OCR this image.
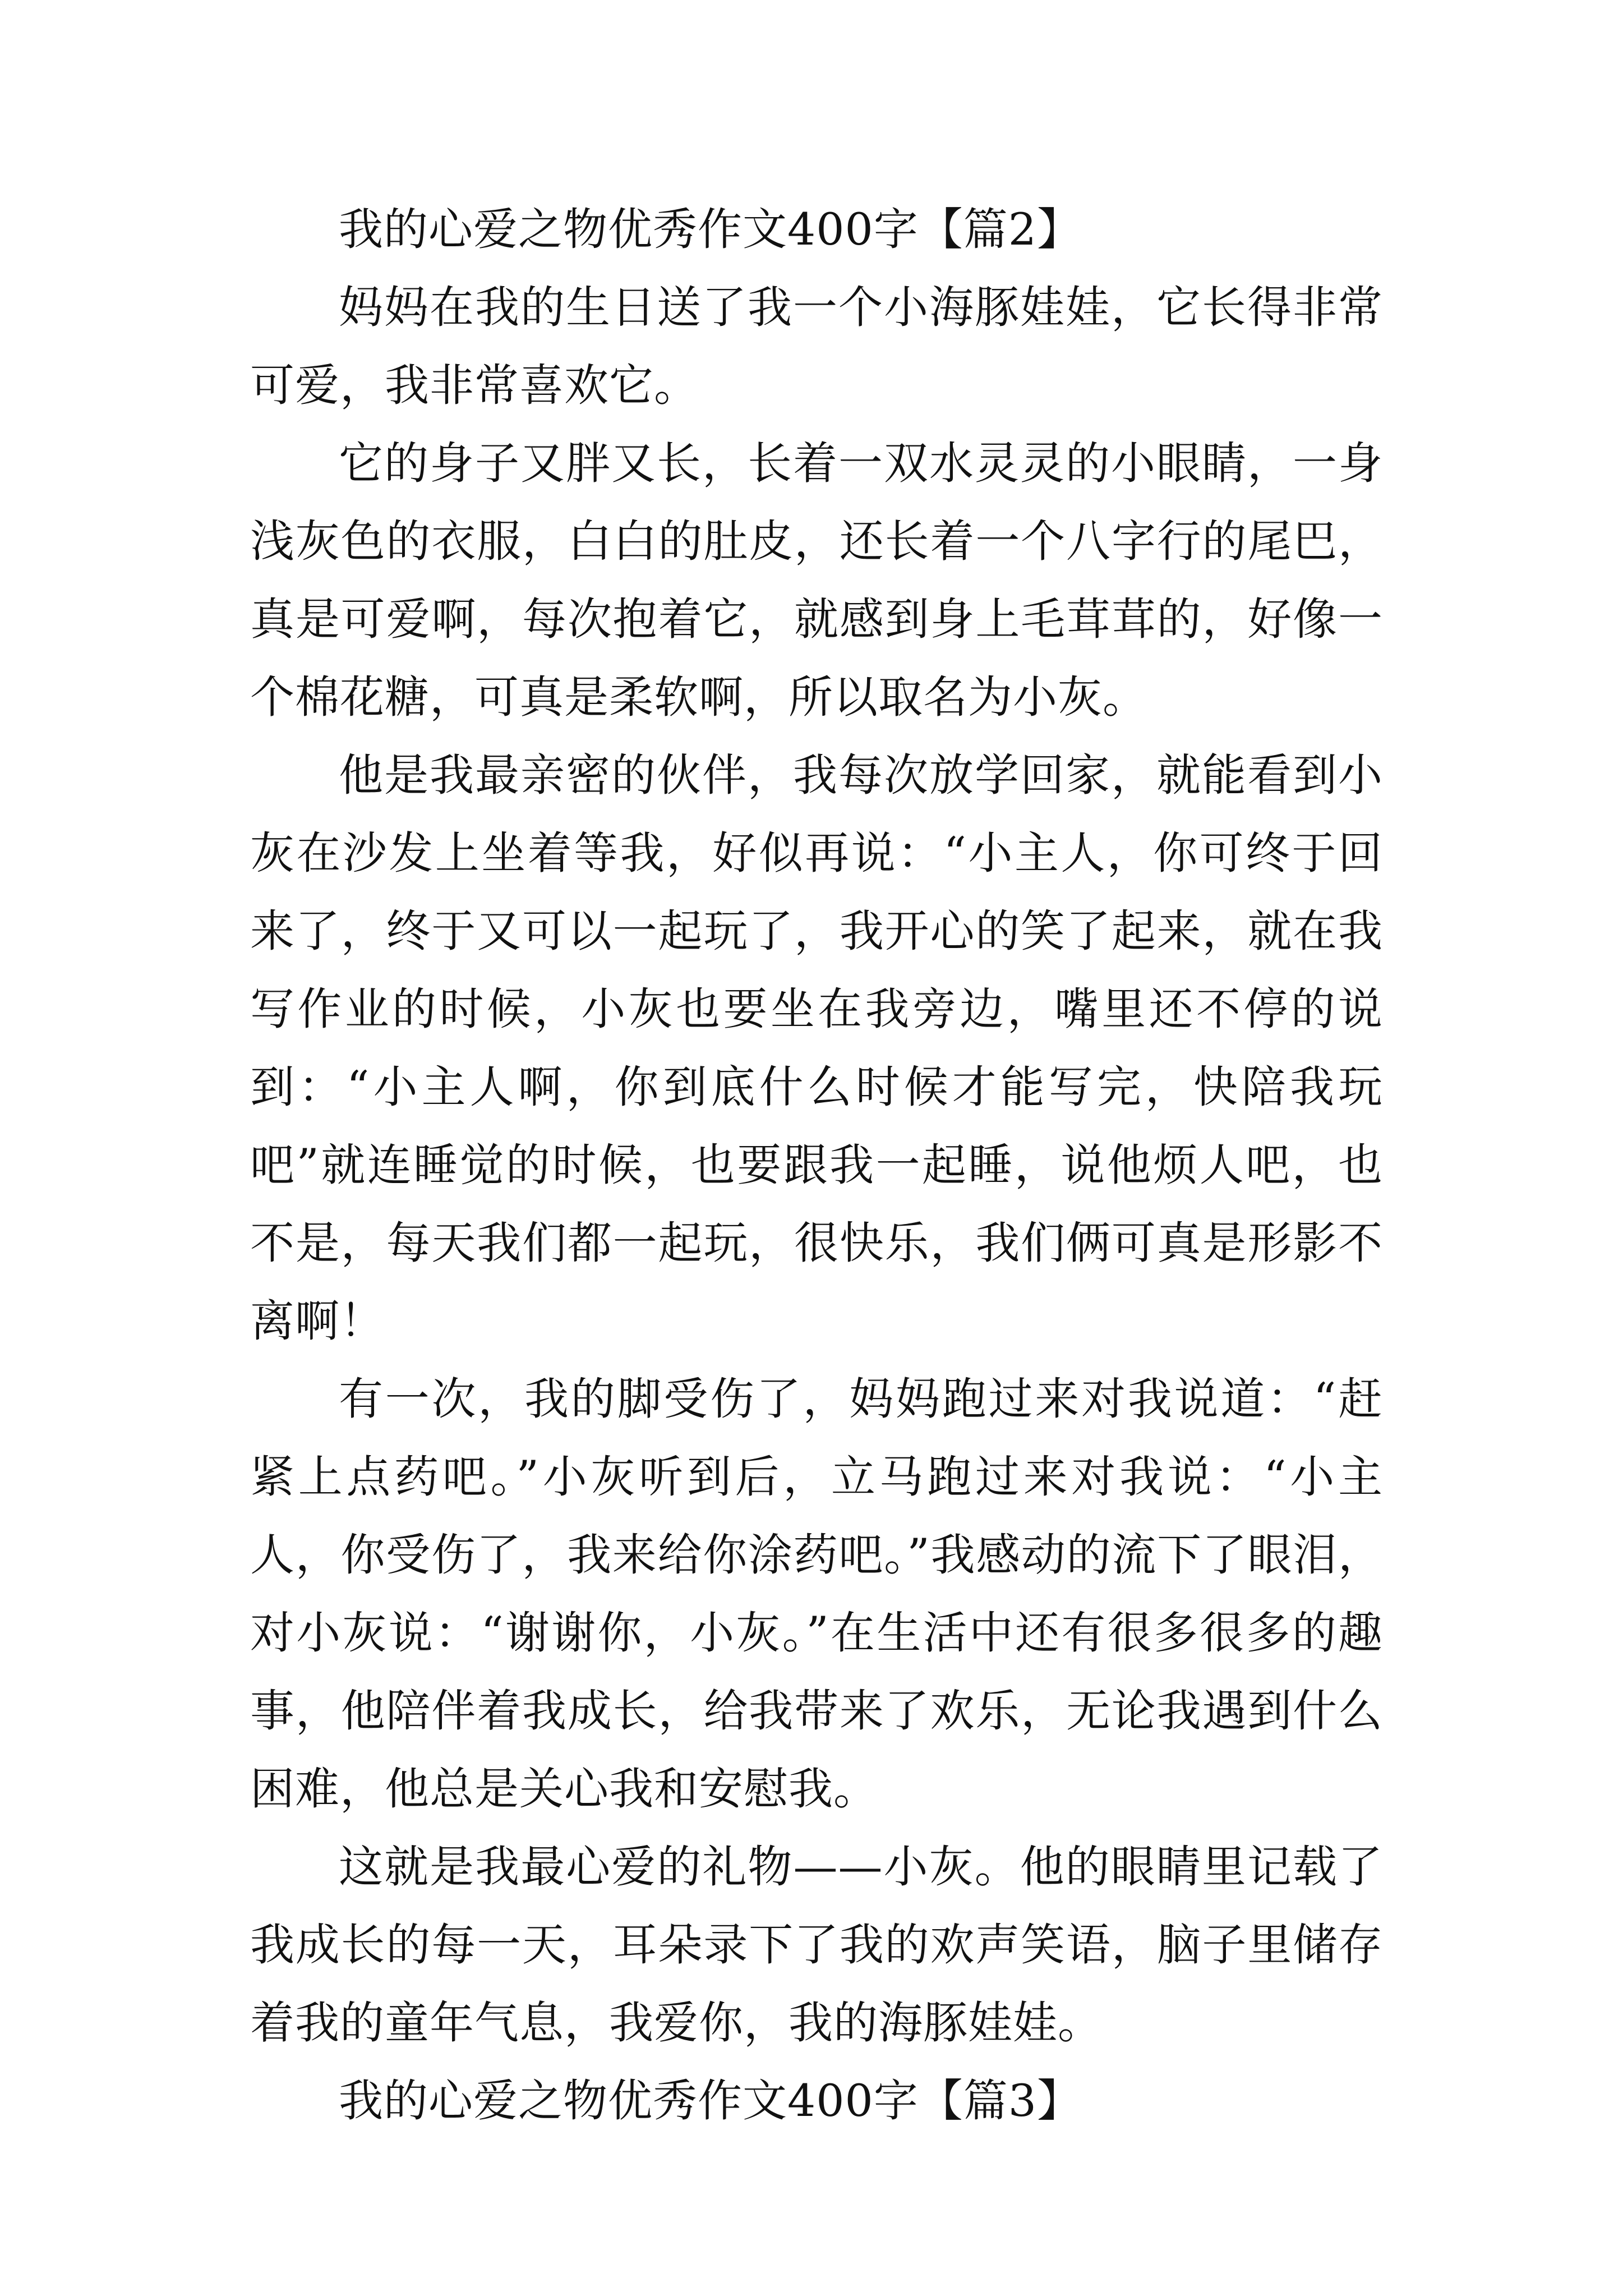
我的心爱之物优秀作文400字【篇2】

妈妈在我的生日送了我一个小海豚娃娃，它长得非常可爱，我非常喜欢它。

它的身子又胖又长，长着一双水灵灵的小眼睛，一身浅灰色的衣服，白白的肚皮，还长着一个八字行的尾巴，真是可爱啊，每次抱着它，就感到身上毛茸茸的，好像一个棉花糖，可真是柔软啊，所以取名为小灰。

他是我最亲密的伙伴，我每次放学回家，就能看到小灰在沙发上坐着等我，好似再说：“小主人，你可终于回来了，终于又可以一起玩了，我开心的笑了起来，就在我写作业的时候，小灰也要坐在我旁边，嘴里还不停的说到：“小主人啊，你到底什么时候才能写完，快陪我玩吧”就连睡觉的时候，也要跟我一起睡，说他烦人吧，也不是，每天我们都一起玩，很快乐，我们俩可真是形影不离啊！

有一次，我的脚受伤了，妈妈跑过来对我说道：“赶紧上点药吧。”小灰听到后，立马跑过来对我说：“小主人，你受伤了，我来给你涂药吧。”我感动的流下了眼泪，对小灰说：“谢谢你，小灰。”在生活中还有很多很多的趣事，他陪伴着我成长，给我带来了欢乐，无论我遇到什么困难，他总是关心我和安慰我。

这就是我最心爱的礼物——小灰。他的眼睛里记载了我成长的每一天，耳朵录下了我的欢声笑语，脑子里储存着我的童年气息，我爱你，我的海豚娃娃。

我的心爱之物优秀作文400字【篇3】
